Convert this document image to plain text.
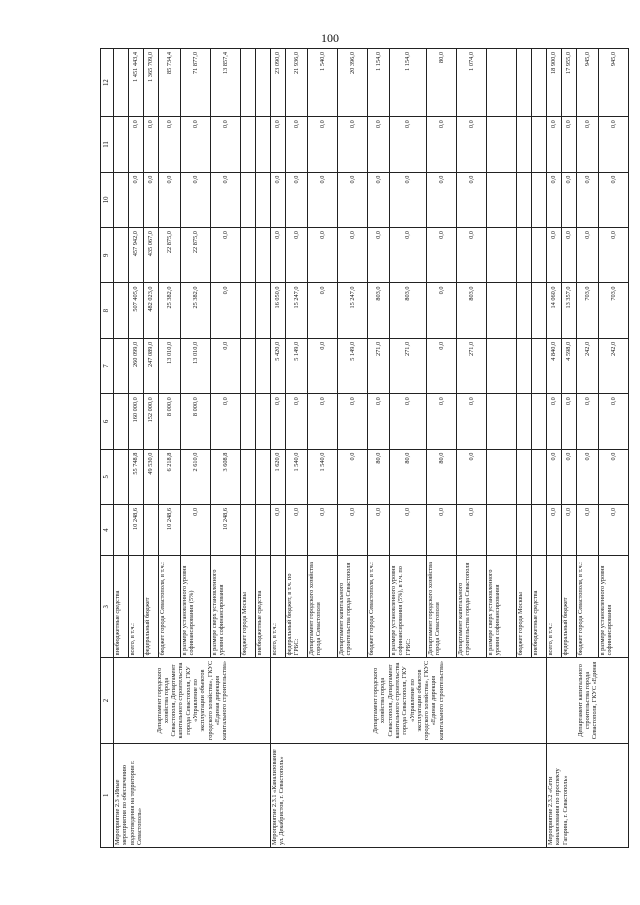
100
1	2	3	4	5	6	7	8	9	10	11	12
Мероприятие 2.3 «Иные мероприятия по обеспечению водоотведения на территории г. Севастополь»	Департамент городского хозяйства города Севастополя, Департамент капитального строительства города Севастополя, ГКУ «Управление по эксплуатации объектов городского хозяйства», ГКУС «Единая дирекция капитального строительства»	внебюджетные средства									
		всего, в т.ч.:	10 248,6	55 748,8	160 000,0	260 099,0	507 405,0	457 942,0	0,0	0,0	1 451 443,4
		федеральный бюджет		49 530,0	152 000,0	247 089,0	482 023,0	435 067,0	0,0	0,0	1 365 709,0
		бюджет города Севастополя, в т.ч.:	10 248,6	6 218,8	8 000,0	13 010,0	25 382,0	22 875,0	0,0	0,0	85 734,4
		в размере установленного уровня софинансирования (5%)	0,0	2 610,0	8 000,0	13 010,0	25 382,0	22 875,0	0,0	0,0	71 877,0
		в размере сверх установленного уровня софинансирования	10 248,6	3 608,8	0,0	0,0	0,0	0,0	0,0	0,0	13 857,4
		бюджет города Москвы									
		внебюджетные средства									
Мероприятие 2.3.1 «Канализование ул. Декабристов, г. Севастополь»	Департамент городского хозяйства города Севастополя, Департамент капитального строительства города Севастополя, ГКУ «Управление по эксплуатации объектов городского хозяйства», ГКУС «Единая дирекция капитального строительства»	всего, в т.ч.:	0,0	1 620,0	0,0	5 420,0	16 050,0	0,0	0,0	0,0	23 090,0
		федеральный бюджет, в т.ч. по ГРБС:	0,0	1 540,0	0,0	5 149,0	15 247,0	0,0	0,0	0,0	21 936,0
		Департамент городского хозяйства города Севастополя	0,0	1 540,0	0,0	0,0	0,0	0,0	0,0	0,0	1 540,0
		Департамент капитального строительства города Севастополя	0,0	0,0	0,0	5 149,0	15 247,0	0,0	0,0	0,0	20 396,0
		бюджет города Севастополя, в т.ч.:	0,0	80,0	0,0	271,0	803,0	0,0	0,0	0,0	1 154,0
		в размере установленного уровня софинансирования (5%), в т.ч. по ГРБС:	0,0	80,0	0,0	271,0	803,0	0,0	0,0	0,0	1 154,0
		Департамент городского хозяйства города Севастополя	0,0	80,0	0,0	0,0	0,0	0,0	0,0	0,0	80,0
		Департамент капитального строительства города Севастополя	0,0	0,0	0,0	271,0	803,0	0,0	0,0	0,0	1 074,0
		в размере сверх установленного уровня софинансирования									
		бюджет города Москвы									
		внебюджетные средства									
Мероприятие 2.3.2 «Сети канализования по проспекту Гагарина, г. Севастополь»	Департамент капитального строительства города Севастополя, ГКУС «Единая	всего, в т.ч.:	0,0	0,0	0,0	4 840,0	14 060,0	0,0	0,0	0,0	18 900,0
		федеральный бюджет	0,0	0,0	0,0	4 598,0	13 357,0	0,0	0,0	0,0	17 955,0
		бюджет города Севастополя, в т.ч.:	0,0	0,0	0,0	242,0	703,0	0,0	0,0	0,0	945,0
		в размере установленного уровня софинансирования	0,0	0,0	0,0	242,0	703,0	0,0	0,0	0,0	945,0
